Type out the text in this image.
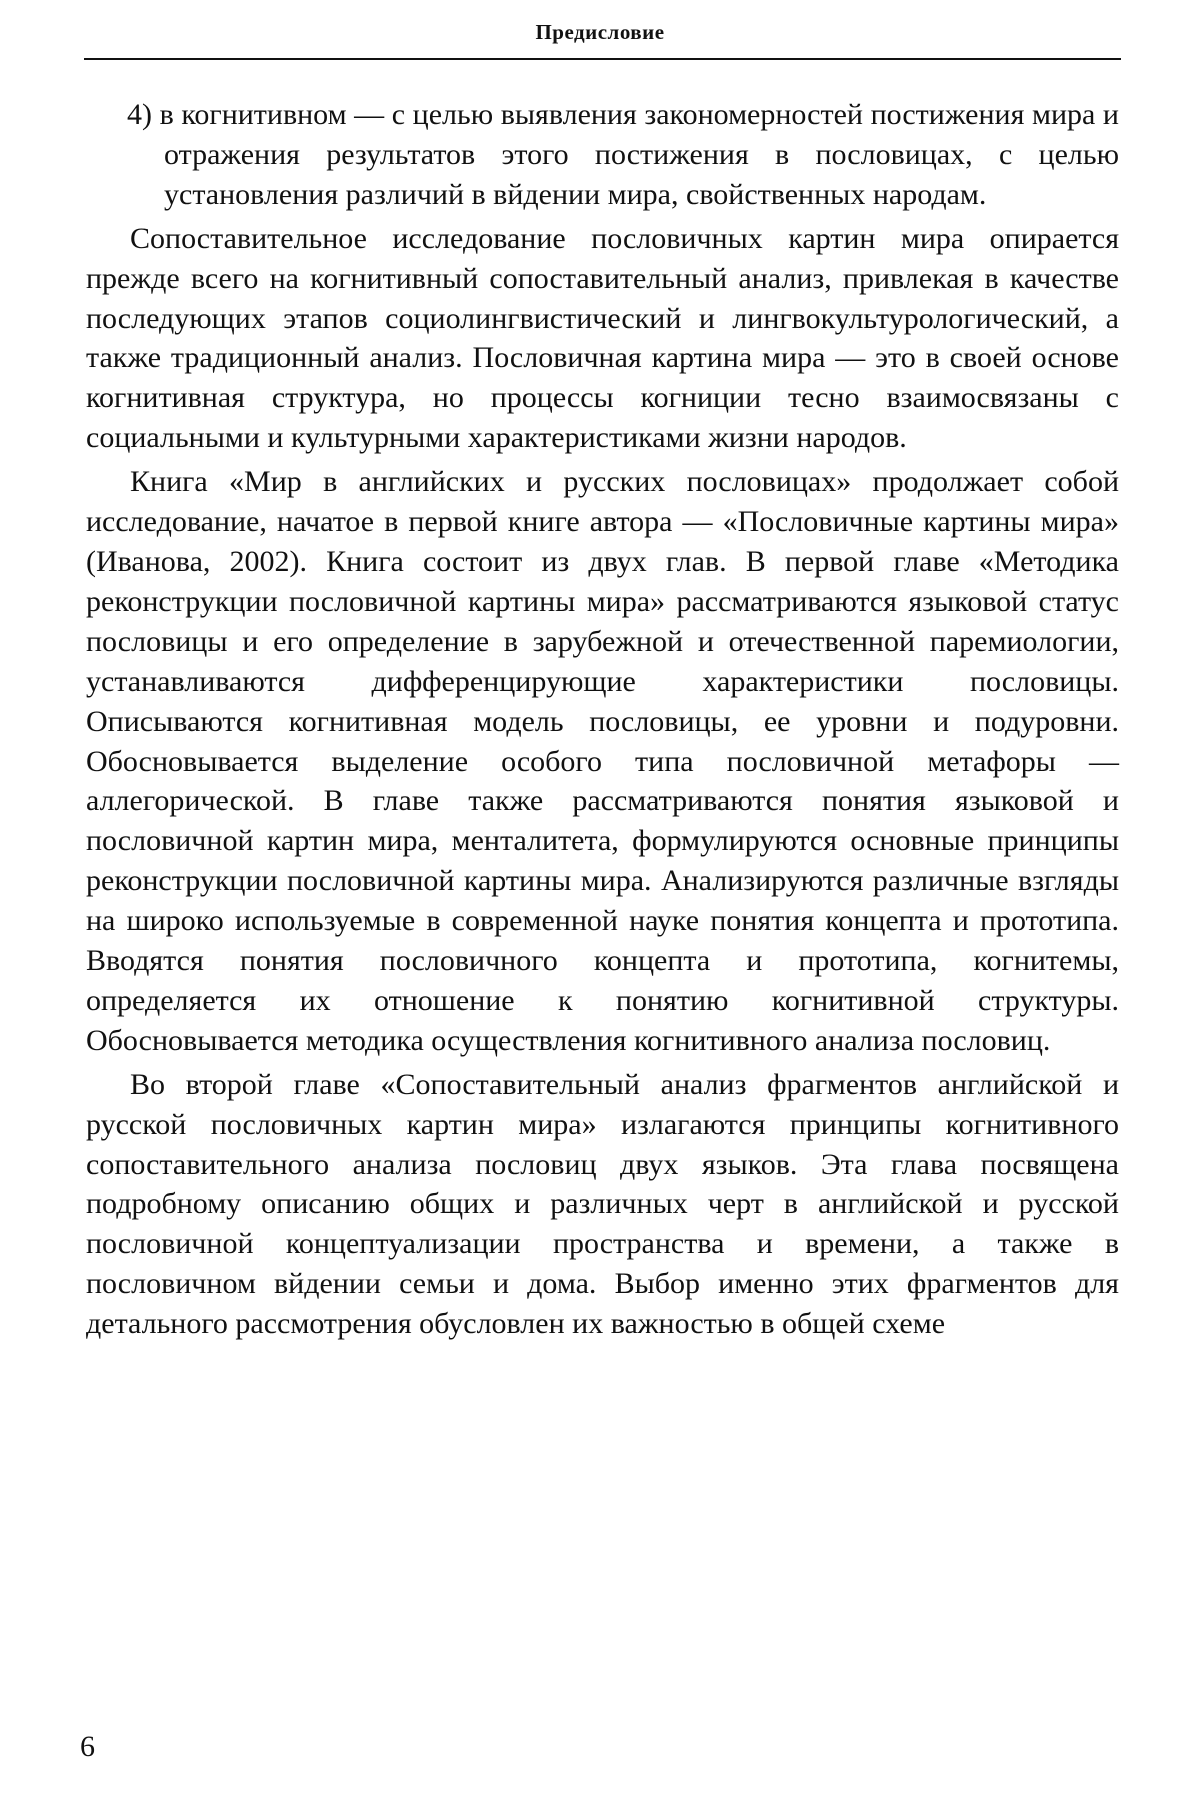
Предисловие

4) в когнитивном — с целью выявления закономерностей постижения мира и отражения результатов этого постижения в пословицах, с целью установления различий в вйдении мира, свойственных народам.

Сопоставительное исследование пословичных картин мира опирается прежде всего на когнитивный сопоставительный анализ, привлекая в качестве последующих этапов социолингвистический и лингвокультурологический, а также традиционный анализ. Пословичная картина мира — это в своей основе когнитивная структура, но процессы когниции тесно взаимосвязаны с социальными и культурными характеристиками жизни народов.

Книга «Мир в английских и русских пословицах» продолжает собой исследование, начатое в первой книге автора — «Пословичные картины мира» (Иванова, 2002). Книга состоит из двух глав. В первой главе «Методика реконструкции пословичной картины мира» рассматриваются языковой статус пословицы и его определение в зарубежной и отечественной паремиологии, устанавливаются дифференцирующие характеристики пословицы. Описываются когнитивная модель пословицы, ее уровни и подуровни. Обосновывается выделение особого типа пословичной метафоры — аллегорической. В главе также рассматриваются понятия языковой и пословичной картин мира, менталитета, формулируются основные принципы реконструкции пословичной картины мира. Анализируются различные взгляды на широко используемые в современной науке понятия концепта и прототипа. Вводятся понятия пословичного концепта и прототипа, когнитемы, определяется их отношение к понятию когнитивной структуры. Обосновывается методика осуществления когнитивного анализа пословиц.

Во второй главе «Сопоставительный анализ фрагментов английской и русской пословичных картин мира» излагаются принципы когнитивного сопоставительного анализа пословиц двух языков. Эта глава посвящена подробному описанию общих и различных черт в английской и русской пословичной концептуализации пространства и времени, а также в пословичном вйдении семьи и дома. Выбор именно этих фрагментов для детального рассмотрения обусловлен их важностью в общей схеме

6
